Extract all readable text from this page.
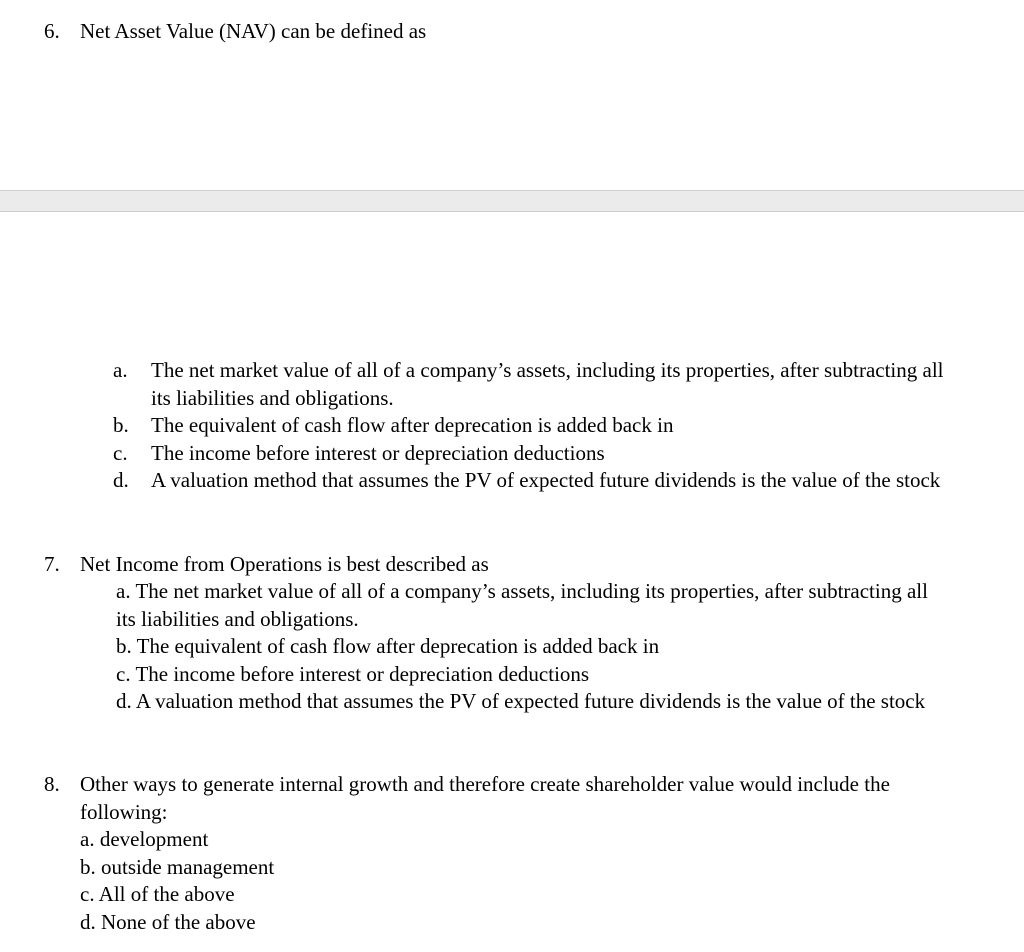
6. Net Asset Value (NAV) can be defined as
a. The net market value of all of a company’s assets, including its properties, after subtracting all its liabilities and obligations.
b. The equivalent of cash flow after deprecation is added back in
c. The income before interest or depreciation deductions
d. A valuation method that assumes the PV of expected future dividends is the value of the stock
7. Net Income from Operations is best described as
a. The net market value of all of a company’s assets, including its properties, after subtracting all its liabilities and obligations.
b. The equivalent of cash flow after deprecation is added back in
c. The income before interest or depreciation deductions
d. A valuation method that assumes the PV of expected future dividends is the value of the stock
8. Other ways to generate internal growth and therefore create shareholder value would include the following:
a. development
b. outside management
c. All of the above
d. None of the above
